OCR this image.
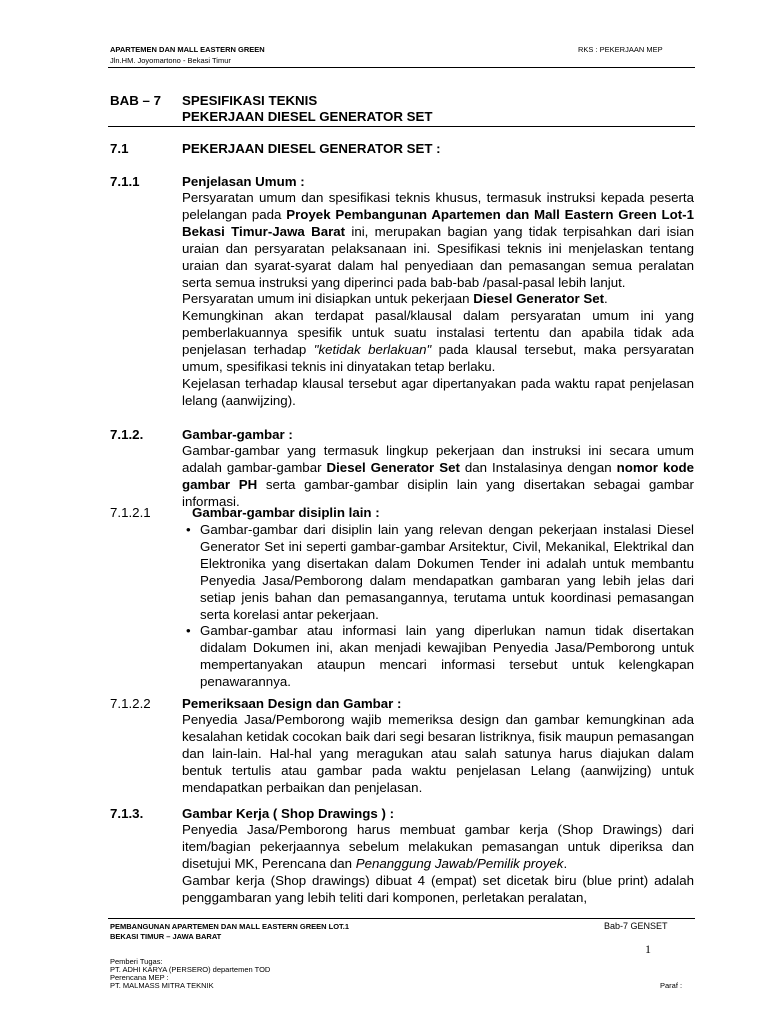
APARTEMEN DAN MALL EASTERN GREEN
Jln.HM. Joyomartono - Bekasi Timur
RKS : PEKERJAAN MEP
BAB – 7 SPESIFIKASI TEKNIS
PEKERJAAN DIESEL GENERATOR SET
7.1	PEKERJAAN DIESEL GENERATOR SET :
7.1.1	Penjelasan Umum :

Persyaratan umum dan spesifikasi teknis khusus, termasuk instruksi kepada peserta pelelangan pada Proyek Pembangunan Apartemen dan Mall Eastern Green Lot-1 Bekasi Timur-Jawa Barat ini, merupakan bagian yang tidak terpisahkan dari isian uraian dan persyaratan pelaksanaan ini. Spesifikasi teknis ini menjelaskan tentang uraian dan syarat-syarat dalam hal penyediaan dan pemasangan semua peralatan serta semua instruksi yang diperinci pada bab-bab /pasal-pasal lebih lanjut.

Persyaratan umum ini disiapkan untuk pekerjaan Diesel Generator Set.

Kemungkinan akan terdapat pasal/klausal dalam persyaratan umum ini yang pemberlakuannya spesifik untuk suatu instalasi tertentu dan apabila tidak ada penjelasan terhadap "ketidak berlakuan" pada klausal tersebut, maka persyaratan umum, spesifikasi teknis ini dinyatakan tetap berlaku.

Kejelasan terhadap klausal tersebut agar dipertanyakan pada waktu rapat penjelasan lelang (aanwijzing).

7.1.2.	Gambar-gambar :

Gambar-gambar yang termasuk lingkup pekerjaan dan instruksi ini secara umum adalah gambar-gambar Diesel Generator Set dan Instalasinya dengan nomor kode gambar PH serta gambar-gambar disiplin lain yang disertakan sebagai gambar informasi.

7.1.2.1	Gambar-gambar disiplin lain :
• Gambar-gambar dari disiplin lain yang relevan dengan pekerjaan instalasi Diesel Generator Set ini seperti gambar-gambar Arsitektur, Civil, Mekanikal, Elektrikal dan Elektronika yang disertakan dalam Dokumen Tender ini adalah untuk membantu Penyedia Jasa/Pemborong dalam mendapatkan gambaran yang lebih jelas dari setiap jenis bahan dan pemasangannya, terutama untuk koordinasi pemasangan serta korelasi antar pekerjaan.
• Gambar-gambar atau informasi lain yang diperlukan namun tidak disertakan didalam Dokumen ini, akan menjadi kewajiban Penyedia Jasa/Pemborong untuk mempertanyakan ataupun mencari informasi tersebut untuk kelengkapan penawarannya.
7.1.2.2 Pemeriksaan Design dan Gambar :

Penyedia Jasa/Pemborong wajib memeriksa design dan gambar kemungkinan ada kesalahan ketidak cocokan baik dari segi besaran listriknya, fisik maupun pemasangan dan lain-lain. Hal-hal yang meragukan atau salah satunya harus diajukan dalam bentuk tertulis atau gambar pada waktu penjelasan Lelang (aanwijzing) untuk mendapatkan perbaikan dan penjelasan.

7.1.3.	Gambar Kerja ( Shop Drawings ) :

Penyedia Jasa/Pemborong harus membuat gambar kerja (Shop Drawings) dari item/bagian pekerjaannya sebelum melakukan pemasangan untuk diperiksa dan disetujui MK, Perencana dan Penanggung Jawab/Pemilik proyek.

Gambar kerja (Shop drawings) dibuat 4 (empat) set dicetak biru (blue print) adalah penggambaran yang lebih teliti dari komponen, perletakan peralatan,

PEMBANGUNAN APARTEMEN DAN MALL EASTERN GREEN LOT.1
BEKASI TIMUR – JAWA BARAT
Bab-7 GENSET
1
Pemberi Tugas:
PT. ADHI KARYA (PERSERO) departemen TOD
Perencana MEP :
PT. MALMASS MITRA TEKNIK	Paraf :
